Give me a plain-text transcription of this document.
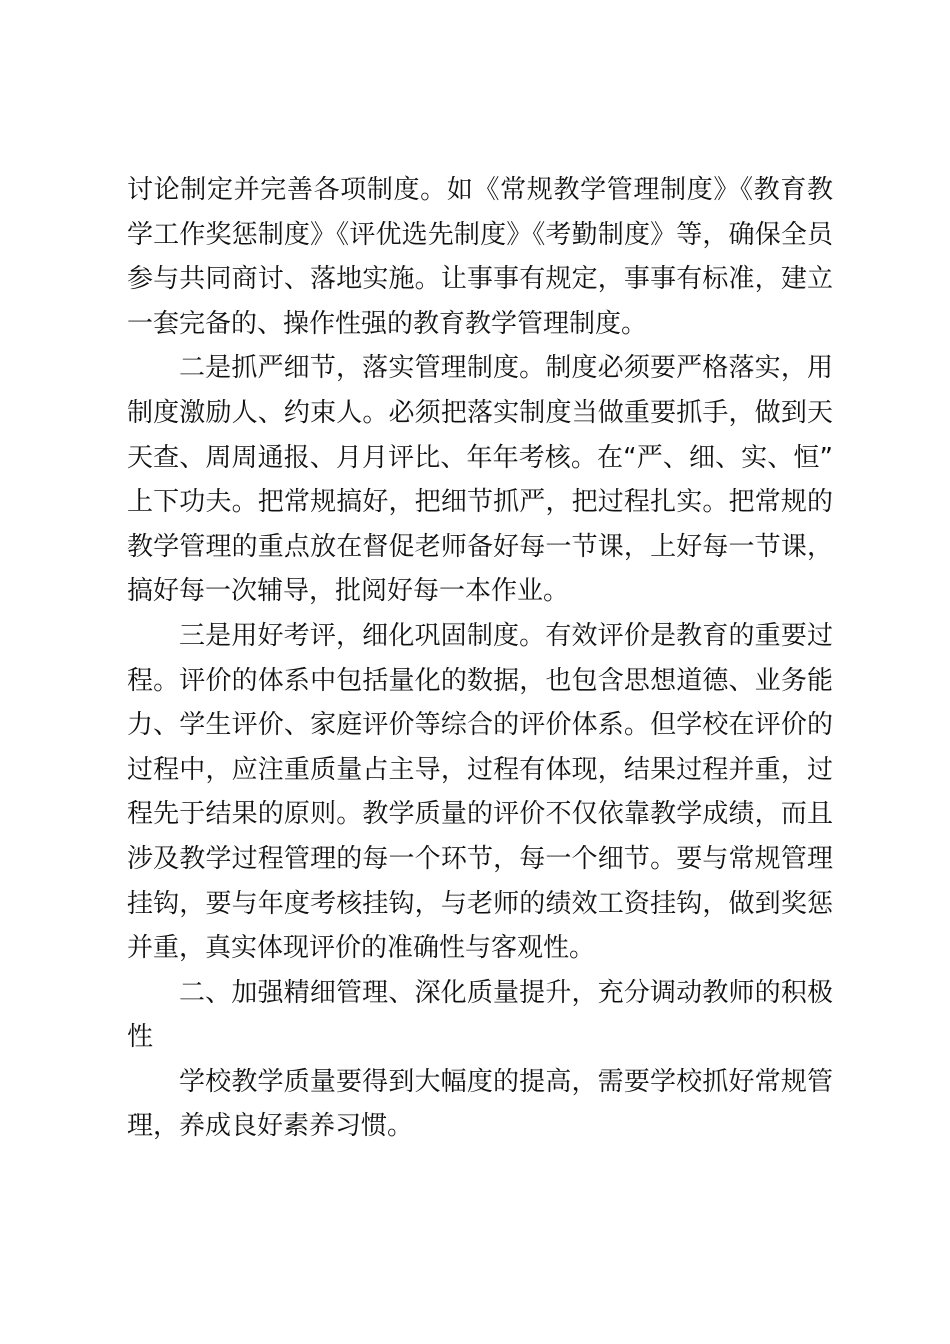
讨论制定并完善各项制度。如《常规教学管理制度》《教育教学工作奖惩制度》《评优选先制度》《考勤制度》等，确保全员参与共同商讨、落地实施。让事事有规定，事事有标准，建立一套完备的、操作性强的教育教学管理制度。

二是抓严细节，落实管理制度。制度必须要严格落实，用制度激励人、约束人。必须把落实制度当做重要抓手，做到天天查、周周通报、月月评比、年年考核。在“严、细、实、恒”上下功夫。把常规搞好，把细节抓严，把过程扎实。把常规的教学管理的重点放在督促老师备好每一节课，上好每一节课，搞好每一次辅导，批阅好每一本作业。

三是用好考评，细化巩固制度。有效评价是教育的重要过程。评价的体系中包括量化的数据，也包含思想道德、业务能力、学生评价、家庭评价等综合的评价体系。但学校在评价的过程中，应注重质量占主导，过程有体现，结果过程并重，过程先于结果的原则。教学质量的评价不仅依靠教学成绩，而且涉及教学过程管理的每一个环节，每一个细节。要与常规管理挂钩，要与年度考核挂钩，与老师的绩效工资挂钩，做到奖惩并重，真实体现评价的准确性与客观性。

二、加强精细管理、深化质量提升，充分调动教师的积极性

学校教学质量要得到大幅度的提高，需要学校抓好常规管理，养成良好素养习惯。
